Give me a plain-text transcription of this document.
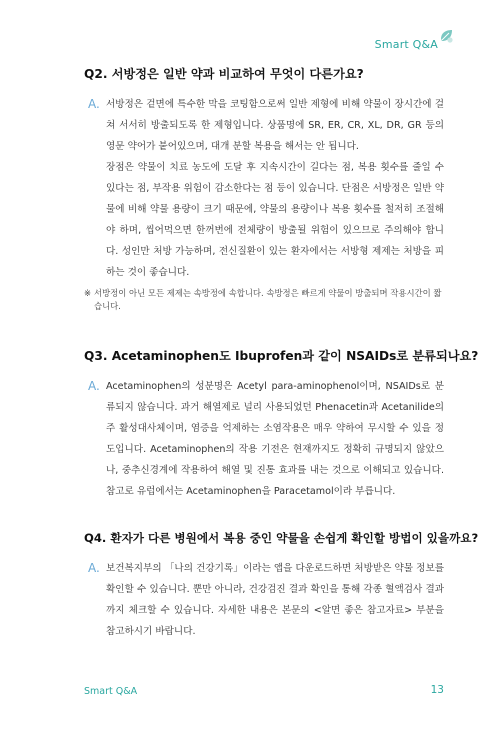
Smart Q&A
Q2. 서방정은 일반 약과 비교하여 무엇이 다른가요?
A. 서방정은 겉면에 특수한 막을 코팅함으로써 일반 제형에 비해 약물이 장시간에 걸쳐 서서히 방출되도록 한 제형입니다. 상품명에 SR, ER, CR, XL, DR, GR 등의 영문 약어가 붙어있으며, 대개 분할 복용을 해서는 안 됩니다.

장점은 약물이 치료 농도에 도달 후 지속시간이 길다는 점, 복용 횟수를 줄일 수 있다는 점, 부작용 위험이 감소한다는 점 등이 있습니다. 단점은 서방정은 일반 약물에 비해 약물 용량이 크기 때문에, 약물의 용량이나 복용 횟수를 철저히 조절해야 하며, 씹어먹으면 한꺼번에 전체량이 방출될 위험이 있으므로 주의해야 합니다. 성인만 처방 가능하며, 전신질환이 있는 환자에서는 서방형 제제는 처방을 피하는 것이 좋습니다.

※ 서방정이 아닌 모든 제제는 속방정에 속합니다. 속방정은 빠르게 약물이 방출되며 작용시간이 짧습니다.
Q3. Acetaminophen도 Ibuprofen과 같이 NSAIDs로 분류되나요?
A. Acetaminophen의 성분명은 Acetyl para-aminophenol이며, NSAIDs로 분류되지 않습니다. 과거 해열제로 널리 사용되었던 Phenacetin과 Acetanilide의 주 활성대사체이며, 염증을 억제하는 소염작용은 매우 약하여 무시할 수 있을 정도입니다. Acetaminophen의 작용 기전은 현재까지도 정확히 규명되지 않았으나, 중추신경계에 작용하여 해열 및 진통 효과를 내는 것으로 이해되고 있습니다. 참고로 유럽에서는 Acetaminophen을 Paracetamol이라 부릅니다.

Q4. 환자가 다른 병원에서 복용 중인 약물을 손쉽게 확인할 방법이 있을까요?
A. 보건복지부의 「나의 건강기록」이라는 앱을 다운로드하면 처방받은 약물 정보를 확인할 수 있습니다. 뿐만 아니라, 건강검진 결과 확인을 통해 각종 혈액검사 결과까지 체크할 수 있습니다. 자세한 내용은 본문의 <알면 좋은 참고자료> 부분을 참고하시기 바랍니다.

Smart Q&A	13
